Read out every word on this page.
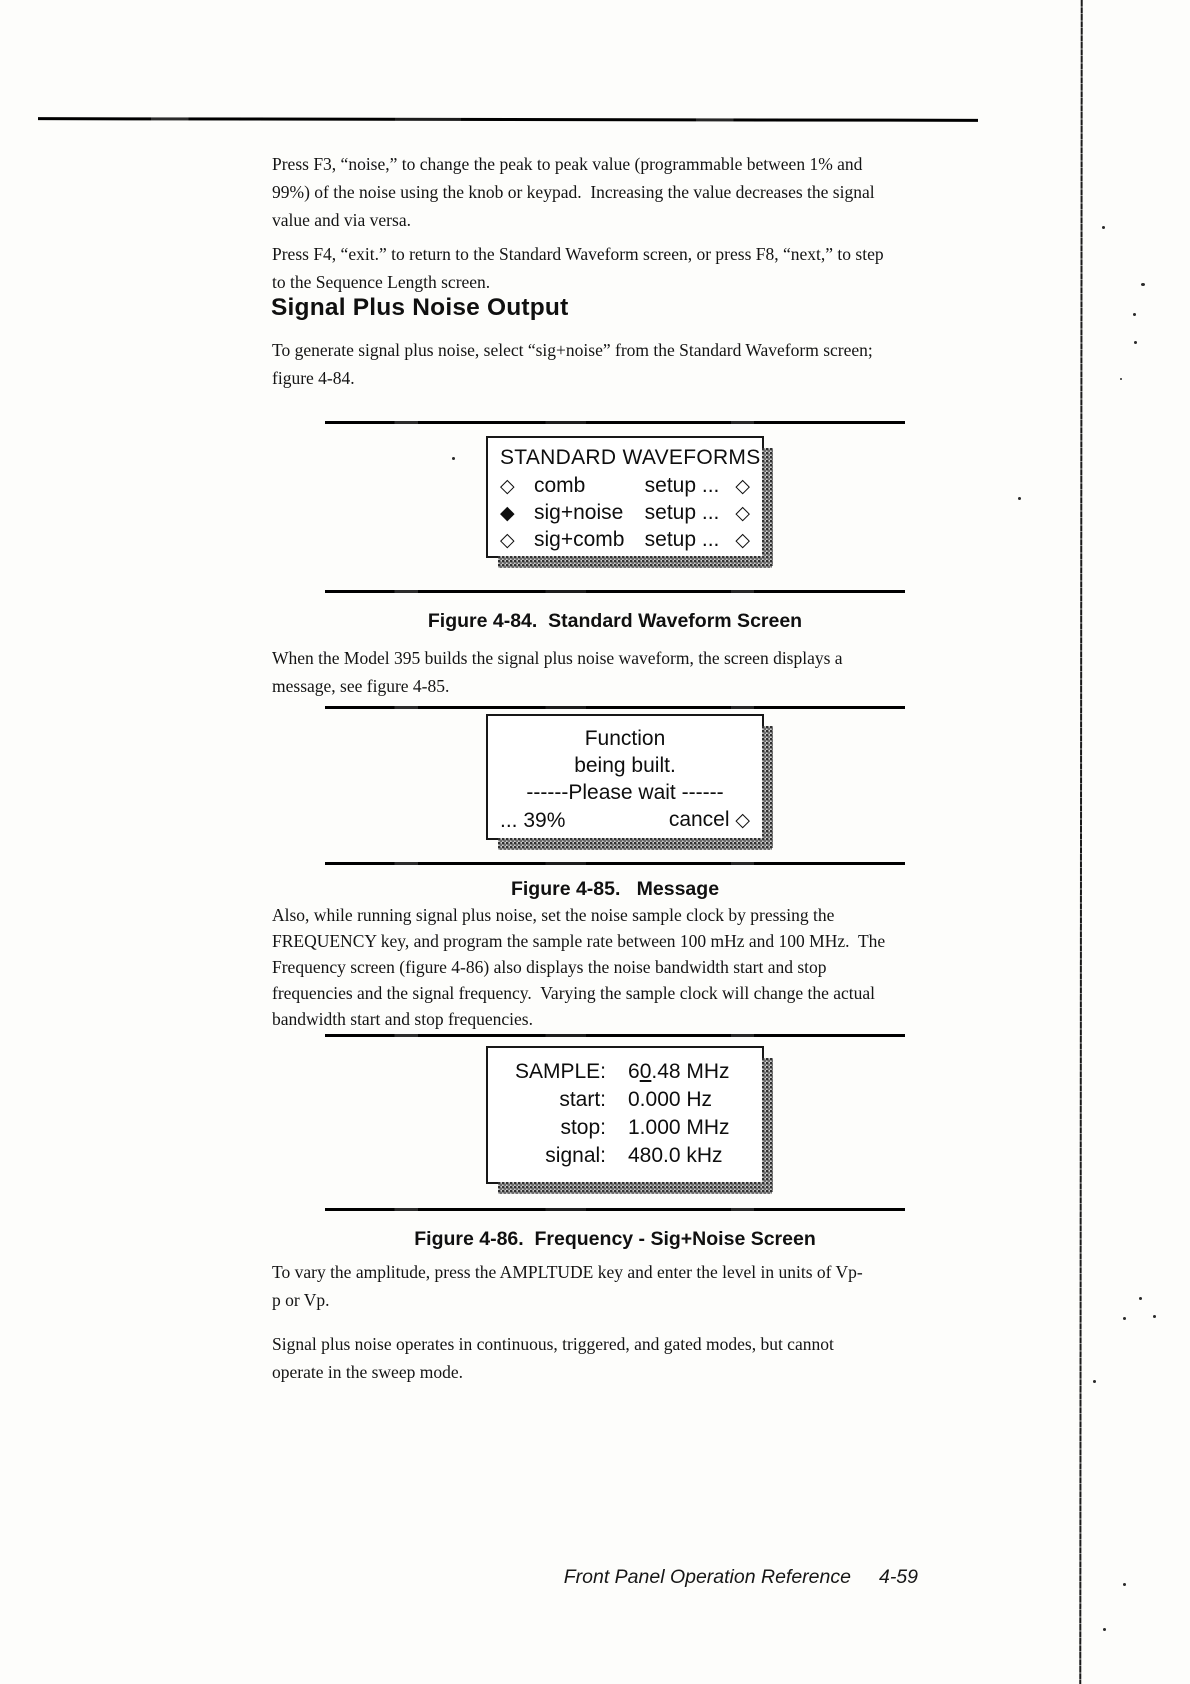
Press F3, “noise,” to change the peak to peak value (programmable between 1% and
99%) of the noise using the knob or keypad.  Increasing the value decreases the signal
value and via versa.
Press F4, “exit.” to return to the Standard Waveform screen, or press F8, “next,” to step
to the Sequence Length screen.
Signal Plus Noise Output
To generate signal plus noise, select “sig+noise” from the Standard Waveform screen;
figure 4-84.
STANDARD WAVEFORMS
◇ comb	setup ... ◇
◆ sig+noise	setup ... ◇
◇ sig+comb setup ... ◇
Figure 4-84.  Standard Waveform Screen
When the Model 395 builds the signal plus noise waveform, the screen displays a
message, see figure 4-85.
Function
being built.
------Please wait ------
... 39%	cancel ◇
Figure 4-85.   Message
Also, while running signal plus noise, set the noise sample clock by pressing the
FREQUENCY key, and program the sample rate between 100 mHz and 100 MHz.  The
Frequency screen (figure 4-86) also displays the noise bandwidth start and stop
frequencies and the signal frequency.  Varying the sample clock will change the actual
bandwidth start and stop frequencies.
SAMPLE: 60.48 MHz
start: 0.000 Hz
stop: 1.000 MHz
signal: 480.0 kHz
Figure 4-86.  Frequency - Sig+Noise Screen
To vary the amplitude, press the AMPLTUDE key and enter the level in units of Vp-
p or Vp.
Signal plus noise operates in continuous, triggered, and gated modes, but cannot
operate in the sweep mode.
Front Panel Operation Reference 4-59
